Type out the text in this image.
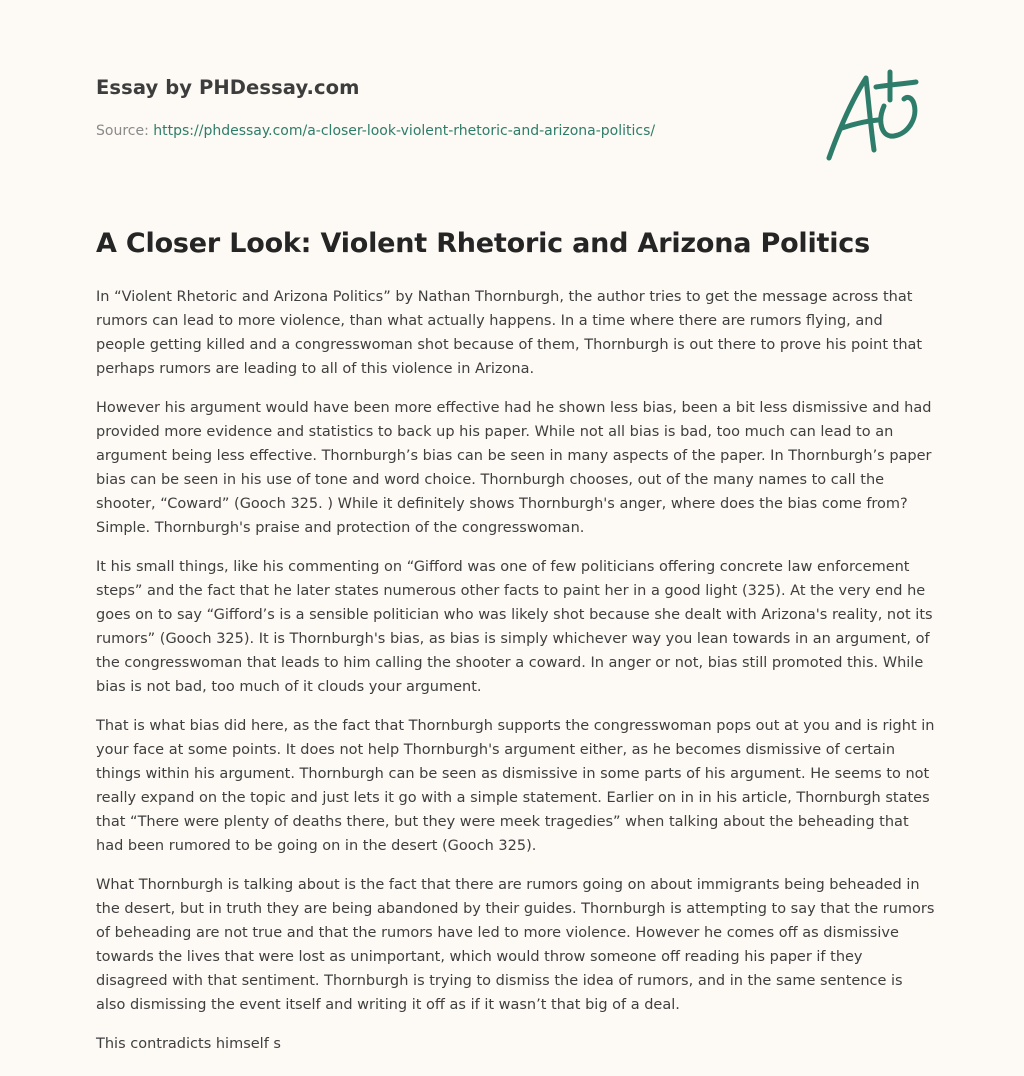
Essay by PHDessay.com
Source: https://phdessay.com/a-closer-look-violent-rhetoric-and-arizona-politics/
A Closer Look: Violent Rhetoric and Arizona Politics

In “Violent Rhetoric and Arizona Politics” by Nathan Thornburgh, the author tries to get the message across that rumors can lead to more violence, than what actually happens. In a time where there are rumors flying, and people getting killed and a congresswoman shot because of them, Thornburgh is out there to prove his point that perhaps rumors are leading to all of this violence in Arizona.

However his argument would have been more effective had he shown less bias, been a bit less dismissive and had provided more evidence and statistics to back up his paper. While not all bias is bad, too much can lead to an argument being less effective. Thornburgh’s bias can be seen in many aspects of the paper. In Thornburgh’s paper bias can be seen in his use of tone and word choice. Thornburgh chooses, out of the many names to call the shooter, “Coward” (Gooch 325. ) While it definitely shows Thornburgh's anger, where does the bias come from? Simple. Thornburgh's praise and protection of the congresswoman.

It his small things, like his commenting on “Gifford was one of few politicians offering concrete law enforcement steps” and the fact that he later states numerous other facts to paint her in a good light (325). At the very end he goes on to say “Gifford’s is a sensible politician who was likely shot because she dealt with Arizona's reality, not its rumors” (Gooch 325). It is Thornburgh's bias, as bias is simply whichever way you lean towards in an argument, of the congresswoman that leads to him calling the shooter a coward. In anger or not, bias still promoted this. While bias is not bad, too much of it clouds your argument.

That is what bias did here, as the fact that Thornburgh supports the congresswoman pops out at you and is right in your face at some points. It does not help Thornburgh's argument either, as he becomes dismissive of certain things within his argument. Thornburgh can be seen as dismissive in some parts of his argument. He seems to not really expand on the topic and just lets it go with a simple statement. Earlier on in in his article, Thornburgh states that “There were plenty of deaths there, but they were meek tragedies” when talking about the beheading that had been rumored to be going on in the desert (Gooch 325).

What Thornburgh is talking about is the fact that there are rumors going on about immigrants being beheaded in the desert, but in truth they are being abandoned by their guides. Thornburgh is attempting to say that the rumors of beheading are not true and that the rumors have led to more violence. However he comes off as dismissive towards the lives that were lost as unimportant, which would throw someone off reading his paper if they disagreed with that sentiment. Thornburgh is trying to dismiss the idea of rumors, and in the same sentence is also dismissing the event itself and writing it off as if it wasn’t that big of a deal.

This contradicts himself s
